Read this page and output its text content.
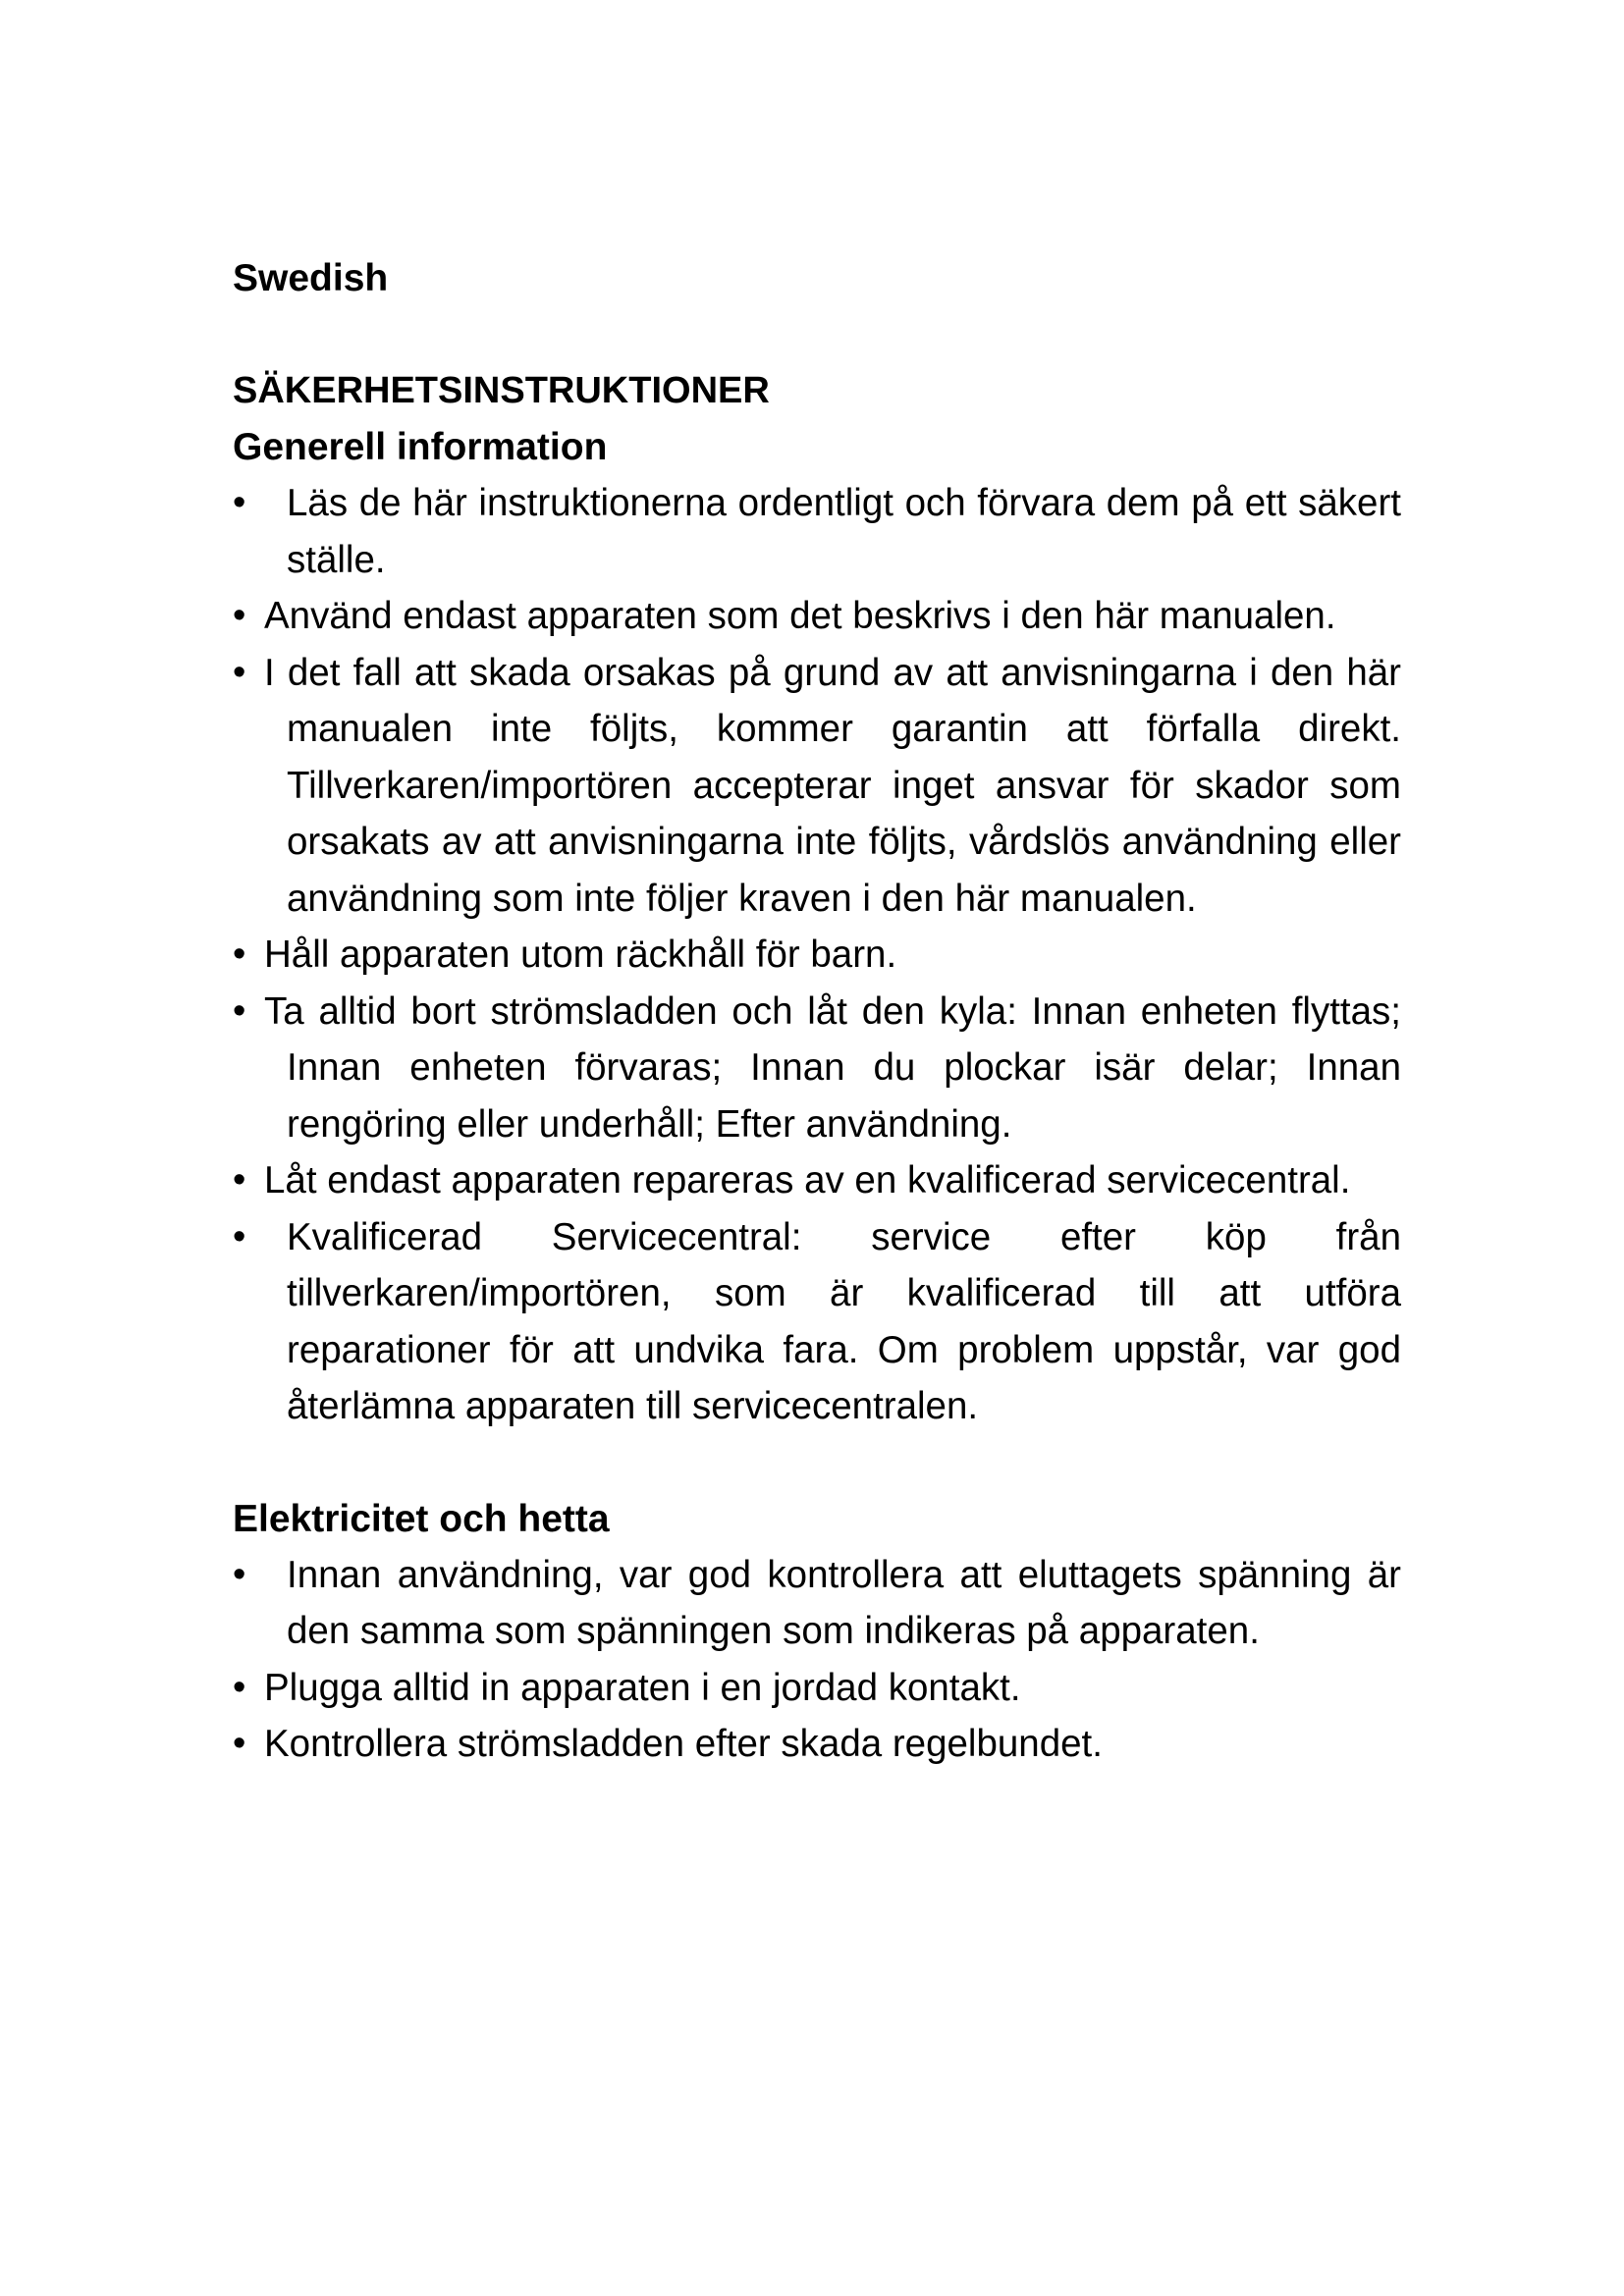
Swedish

SÄKERHETSINSTRUKTIONER

Generell information

•	Läs de här instruktionerna ordentligt och förvara dem på ett säkert ställe.
• Använd endast apparaten som det beskrivs i den här manualen.
• I det fall att skada orsakas på grund av att anvisningarna i den här manualen inte följts, kommer garantin att förfalla direkt. Tillverkaren/importören accepterar inget ansvar för skador som orsakats av att anvisningarna inte följts, vårdslös användning eller användning som inte följer kraven i den här manualen.
• Håll apparaten utom räckhåll för barn.
• Ta alltid bort strömsladden och låt den kyla: Innan enheten flyttas; Innan enheten förvaras; Innan du plockar isär delar; Innan rengöring eller underhåll; Efter användning.
• Låt endast apparaten repareras av en kvalificerad servicecentral.
•	Kvalificerad Servicecentral: service efter köp från tillverkaren/importören, som är kvalificerad till att utföra reparationer för att undvika fara. Om problem uppstår, var god återlämna apparaten till servicecentralen.

Elektricitet och hetta

•	Innan användning, var god kontrollera att eluttagets spänning är den samma som spänningen som indikeras på apparaten.
• Plugga alltid in apparaten i en jordad kontakt.
• Kontrollera strömsladden efter skada regelbundet.
